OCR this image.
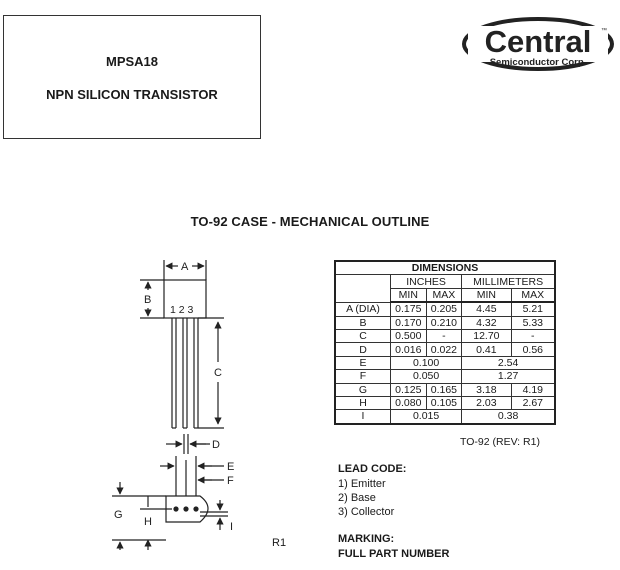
MPSA18
NPN SILICON TRANSISTOR
Central
Semiconductor Corp.
™
TO-92 CASE - MECHANICAL OUTLINE
A
B
1 2 3
C
D
E
F
G
H	I
DIMENSIONS				
	INCHES		MILLIMETERS	
	MIN	MAX	MIN	MAX
A (DIA)	0.175	0.205	4.45	5.21
B	0.170	0.210	4.32	5.33
C	0.500	-	12.70	-
D	0.016	0.022	0.41	0.56
E	0.100		2.54	
F	0.050		1.27	
G	0.125	0.165	3.18	4.19
H	0.080	0.105	2.03	2.67
I	0.015		0.38	
TO-92 (REV: R1)
LEAD CODE:
1) Emitter
2) Base
3) Collector
MARKING:
FULL PART NUMBER
R1
